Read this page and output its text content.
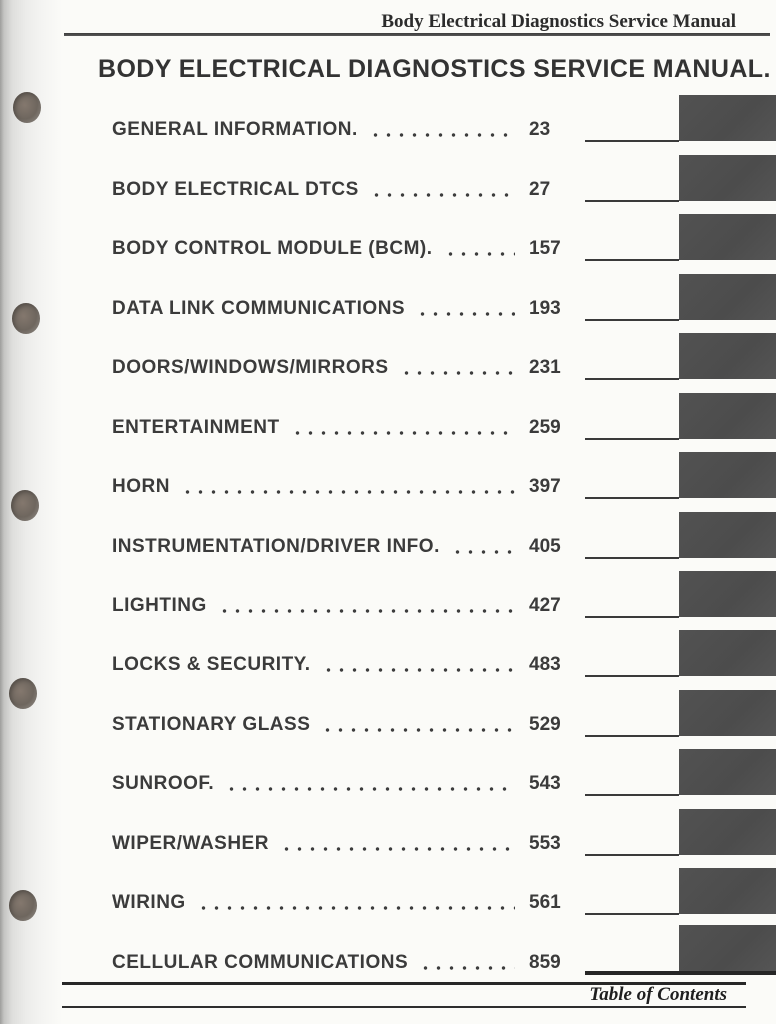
Body Electrical Diagnostics Service Manual
BODY ELECTRICAL DIAGNOSTICS SERVICE MANUAL.
GENERAL INFORMATION.	23
BODY ELECTRICAL DTCS	27
BODY CONTROL MODULE (BCM).	157
DATA LINK COMMUNICATIONS	193
DOORS/WINDOWS/MIRRORS	231
ENTERTAINMENT	259
HORN	397
INSTRUMENTATION/DRIVER INFO.	405
LIGHTING	427
LOCKS & SECURITY.	483
STATIONARY GLASS	529
SUNROOF.	543
WIPER/WASHER	553
WIRING	561
CELLULAR COMMUNICATIONS	859
Table of Contents
